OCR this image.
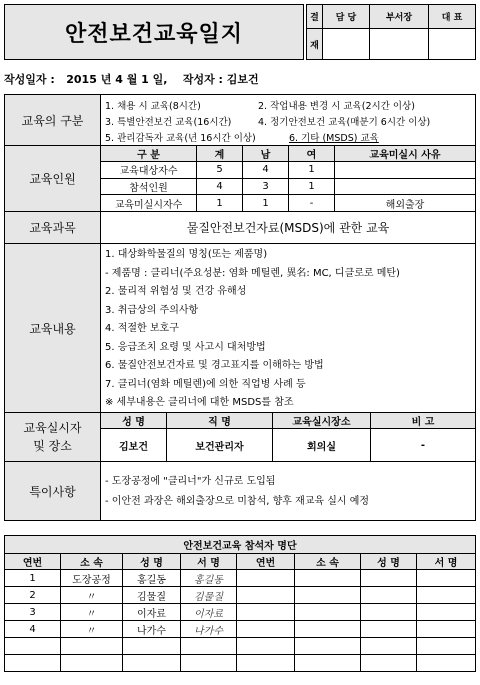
안전보건교육일지
결	담 당	부서장	대 표
재			
작성일자 : 2015 년 4 월 1 일, 작성자 : 김보건
교육의 구분
1. 채용 시 교육(8시간)	2. 작업내용 변경 시 교육(2시간 이상)
3. 특별안전보건 교육(16시간)	4. 정기안전보건 교육(매분기 6시간 이상)
5. 관리감독자 교육(년 16시간 이상)	6. 기타 (MSDS) 교육
교육인원
구 분	계	남	여	교육미실시 사유
교육대상자수	5	4	1	
참석인원	4	3	1	
교육미실시자수	1	1	-	해외출장
교육과목	물질안전보건자료(MSDS)에 관한 교육
교육내용
1. 대상화학물질의 명칭(또는 제품명)
- 제품명 : 클리너(주요성분: 염화 메틸렌, 異名: MC, 디클로로 메탄)
2. 물리적 위험성 및 건강 유해성
3. 취급상의 주의사항
4. 적절한 보호구
5. 응급조치 요령 및 사고시 대처방법
6. 물질안전보건자료 및 경고표지를 이해하는 방법
7. 클리너(염화 메틸렌)에 의한 직업병 사례 등
※ 세부내용은 클리너에 대한 MSDS를 참조
교육실시자
및 장소
성 명	직 명	교육실시장소	비 고
김보건	보건관리자	회의실	-
특이사항
- 도장공정에 "클리너"가 신규로 도입됨
- 이안전 과장은 해외출장으로 미참석, 향후 재교육 실시 예정
안전보건교육 참석자 명단							
연번	소 속	성 명	서 명	연번	소 속	성 명	서 명
1	도장공정	홍길동	홍길동				
2	〃	김물질	김물질				
3	〃	이자료	이자료				
4	〃	나가수	나가수				
